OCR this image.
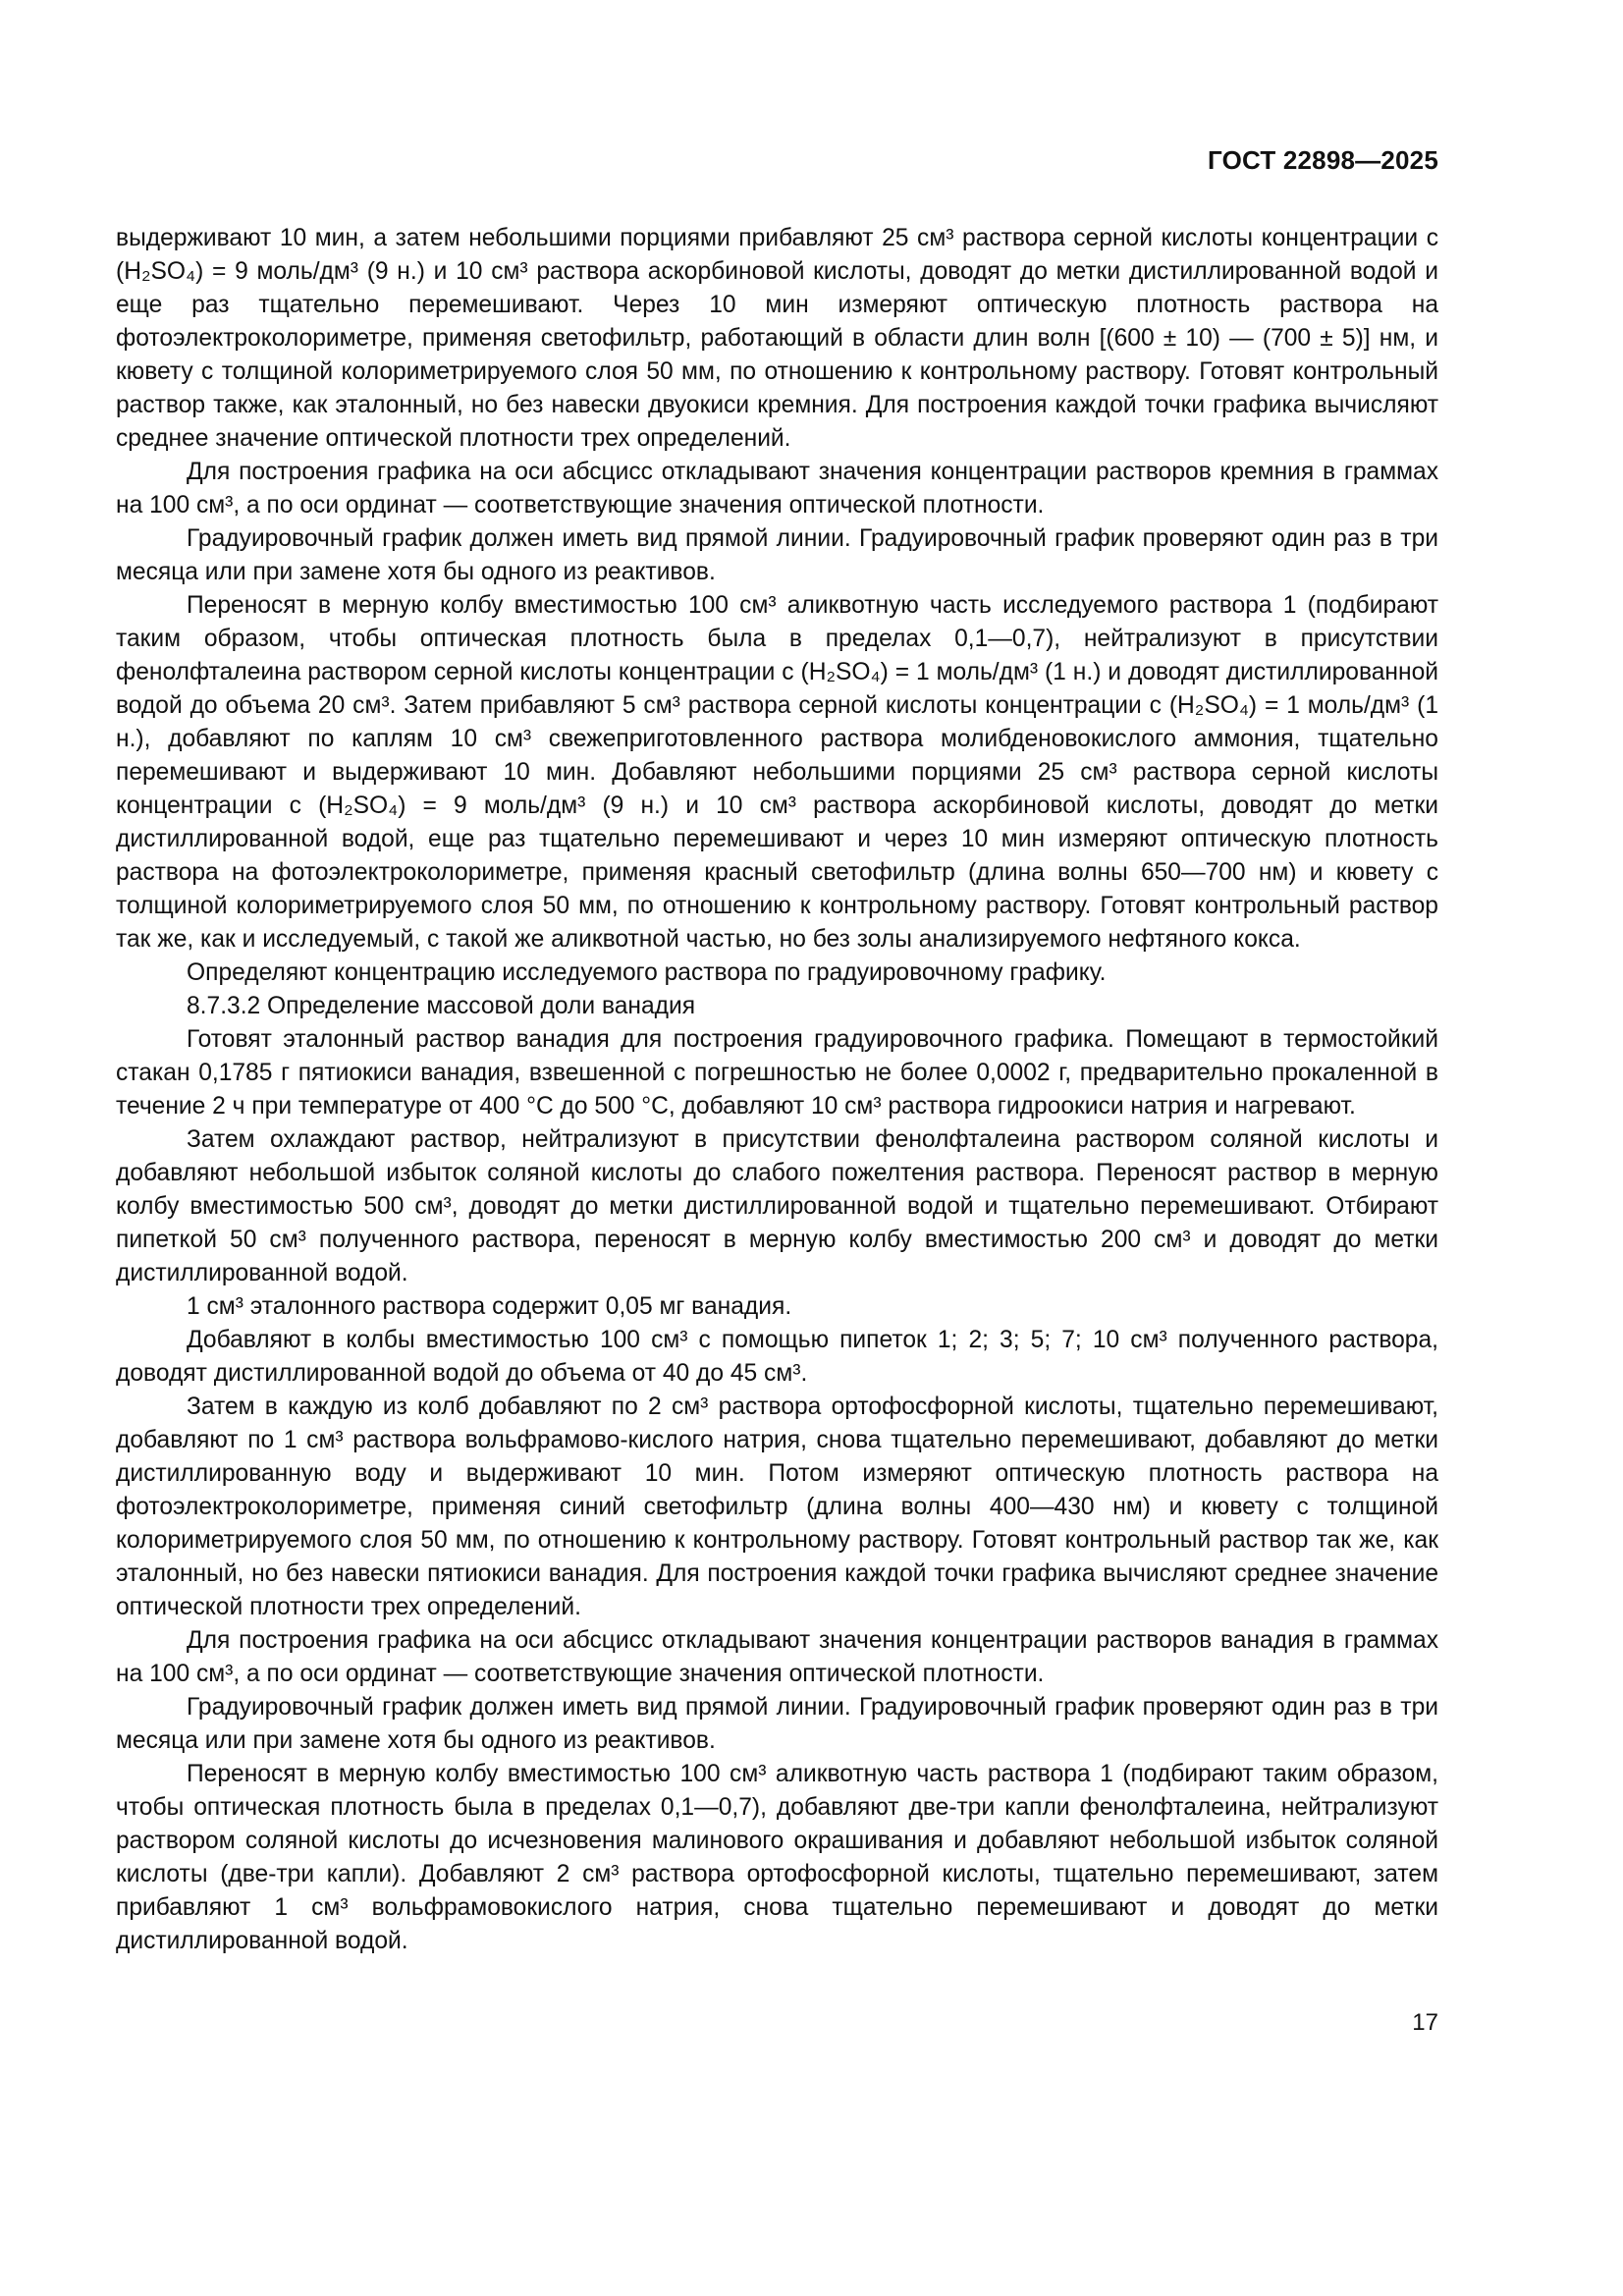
ГОСТ 22898—2025

выдерживают 10 мин, а затем небольшими порциями прибавляют 25 см³ раствора серной кислоты концентрации c (H₂SO₄) = 9 моль/дм³ (9 н.) и 10 см³ раствора аскорбиновой кислоты, доводят до метки дистиллированной водой и еще раз тщательно перемешивают. Через 10 мин измеряют оптическую плотность раствора на фотоэлектроколориметре, применяя светофильтр, работающий в области длин волн [(600 ± 10) — (700 ± 5)] нм, и кювету с толщиной колориметрируемого слоя 50 мм, по отношению к контрольному раствору. Готовят контрольный раствор также, как эталонный, но без навески двуокиси кремния. Для построения каждой точки графика вычисляют среднее значение оптической плотности трех определений.

Для построения графика на оси абсцисс откладывают значения концентрации растворов кремния в граммах на 100 см³, а по оси ординат — соответствующие значения оптической плотности.

Градуировочный график должен иметь вид прямой линии. Градуировочный график проверяют один раз в три месяца или при замене хотя бы одного из реактивов.

Переносят в мерную колбу вместимостью 100 см³ аликвотную часть исследуемого раствора 1 (подбирают таким образом, чтобы оптическая плотность была в пределах 0,1—0,7), нейтрализуют в присутствии фенолфталеина раствором серной кислоты концентрации c (H₂SO₄) = 1 моль/дм³ (1 н.) и доводят дистиллированной водой до объема 20 см³. Затем прибавляют 5 см³ раствора серной кислоты концентрации c (H₂SO₄) = 1 моль/дм³ (1 н.), добавляют по каплям 10 см³ свежеприготовленного раствора молибденовокислого аммония, тщательно перемешивают и выдерживают 10 мин. Добавляют небольшими порциями 25 см³ раствора серной кислоты концентрации c (H₂SO₄) = 9 моль/дм³ (9 н.) и 10 см³ раствора аскорбиновой кислоты, доводят до метки дистиллированной водой, еще раз тщательно перемешивают и через 10 мин измеряют оптическую плотность раствора на фотоэлектроколориметре, применяя красный светофильтр (длина волны 650—700 нм) и кювету с толщиной колориметрируемого слоя 50 мм, по отношению к контрольному раствору. Готовят контрольный раствор так же, как и исследуемый, с такой же аликвотной частью, но без золы анализируемого нефтяного кокса.

Определяют концентрацию исследуемого раствора по градуировочному графику.

8.7.3.2 Определение массовой доли ванадия

Готовят эталонный раствор ванадия для построения градуировочного графика. Помещают в термостойкий стакан 0,1785 г пятиокиси ванадия, взвешенной с погрешностью не более 0,0002 г, предварительно прокаленной в течение 2 ч при температуре от 400 °C до 500 °C, добавляют 10 см³ раствора гидроокиси натрия и нагревают.

Затем охлаждают раствор, нейтрализуют в присутствии фенолфталеина раствором соляной кислоты и добавляют небольшой избыток соляной кислоты до слабого пожелтения раствора. Переносят раствор в мерную колбу вместимостью 500 см³, доводят до метки дистиллированной водой и тщательно перемешивают. Отбирают пипеткой 50 см³ полученного раствора, переносят в мерную колбу вместимостью 200 см³ и доводят до метки дистиллированной водой.

1 см³ эталонного раствора содержит 0,05 мг ванадия.

Добавляют в колбы вместимостью 100 см³ с помощью пипеток 1; 2; 3; 5; 7; 10 см³ полученного раствора, доводят дистиллированной водой до объема от 40 до 45 см³.

Затем в каждую из колб добавляют по 2 см³ раствора ортофосфорной кислоты, тщательно перемешивают, добавляют по 1 см³ раствора вольфрамово-кислого натрия, снова тщательно перемешивают, добавляют до метки дистиллированную воду и выдерживают 10 мин. Потом измеряют оптическую плотность раствора на фотоэлектроколориметре, применяя синий светофильтр (длина волны 400—430 нм) и кювету с толщиной колориметрируемого слоя 50 мм, по отношению к контрольному раствору. Готовят контрольный раствор так же, как эталонный, но без навески пятиокиси ванадия. Для построения каждой точки графика вычисляют среднее значение оптической плотности трех определений.

Для построения графика на оси абсцисс откладывают значения концентрации растворов ванадия в граммах на 100 см³, а по оси ординат — соответствующие значения оптической плотности.

Градуировочный график должен иметь вид прямой линии. Градуировочный график проверяют один раз в три месяца или при замене хотя бы одного из реактивов.

Переносят в мерную колбу вместимостью 100 см³ аликвотную часть раствора 1 (подбирают таким образом, чтобы оптическая плотность была в пределах 0,1—0,7), добавляют две-три капли фенолфталеина, нейтрализуют раствором соляной кислоты до исчезновения малинового окрашивания и добавляют небольшой избыток соляной кислоты (две-три капли). Добавляют 2 см³ раствора ортофосфорной кислоты, тщательно перемешивают, затем прибавляют 1 см³ вольфрамовокислого натрия, снова тщательно перемешивают и доводят до метки дистиллированной водой.

17
